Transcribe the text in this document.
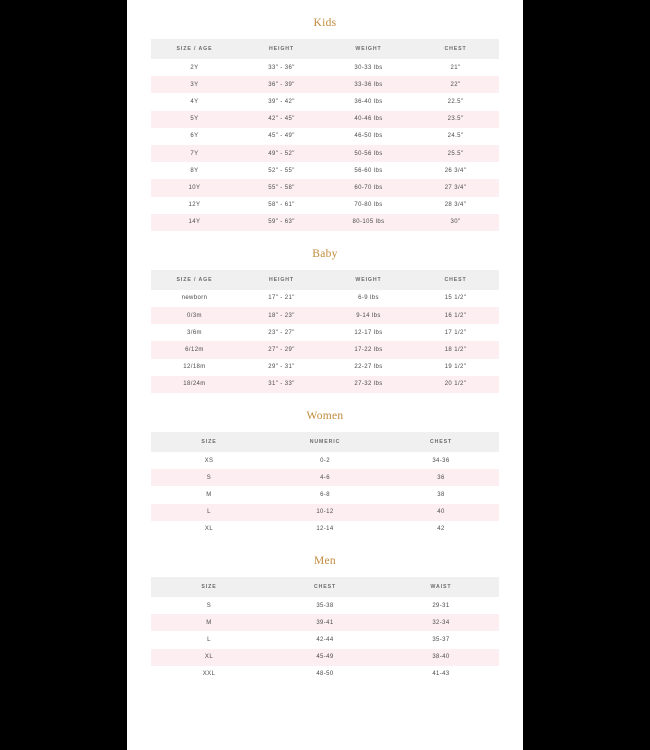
Kids
SIZE / AGE	HEIGHT	WEIGHT	CHEST
2Y	33" - 36"	30-33 lbs	21"
3Y	36" - 39"	33-36 lbs	22"
4Y	39" - 42"	36-40 lbs	22.5"
5Y	42" - 45"	40-46 lbs	23.5"
6Y	45" - 49"	46-50 lbs	24.5"
7Y	49" - 52"	50-56 lbs	25.5"
8Y	52" - 55"	56-60 lbs	26 3/4"
10Y	55" - 58"	60-70 lbs	27 3/4"
12Y	58" - 61"	70-80 lbs	28 3/4"
14Y	59" - 63"	80-105 lbs	30"
Baby
SIZE / AGE	HEIGHT	WEIGHT	CHEST
newborn	17" - 21"	6-9 lbs	15 1/2"
0/3m	18" - 23"	9-14 lbs	16 1/2"
3/6m	23" - 27"	12-17 lbs	17 1/2"
6/12m	27" - 29"	17-22 lbs	18 1/2"
12/18m	29" - 31"	22-27 lbs	19 1/2"
18/24m	31" - 33"	27-32 lbs	20 1/2"
Women
SIZE	NUMERIC	CHEST
XS	0-2	34-36
S	4-6	36
M	6-8	38
L	10-12	40
XL	12-14	42
Men
SIZE	CHEST	WAIST
S	35-38	29-31
M	39-41	32-34
L	42-44	35-37
XL	45-49	38-40
XXL	48-50	41-43
